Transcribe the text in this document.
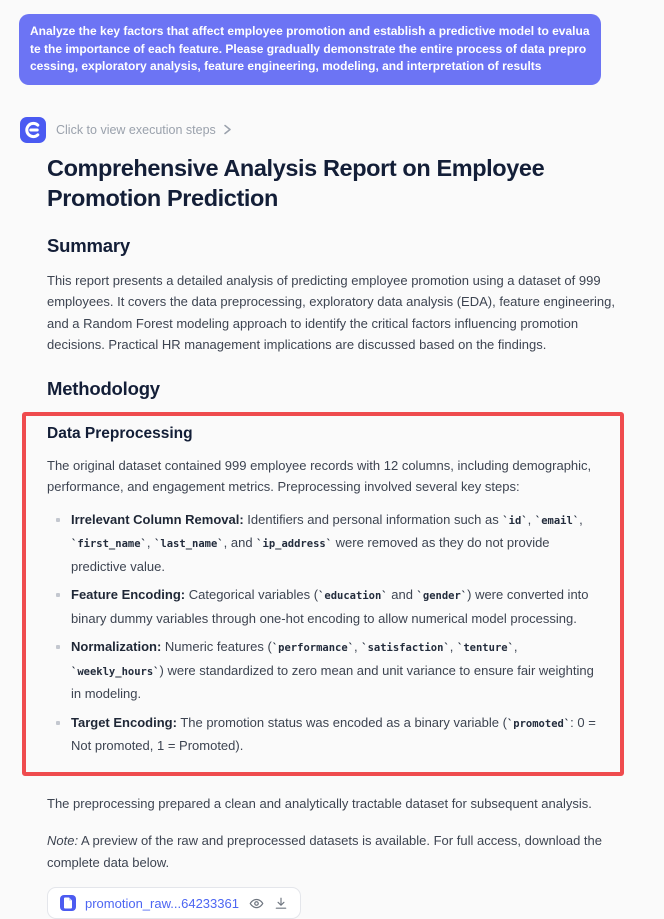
Analyze the key factors that affect employee promotion and establish a predictive model to evaluate the importance of each feature. Please gradually demonstrate the entire process of data preprocessing, exploratory analysis, feature engineering, modeling, and interpretation of results
Click to view execution steps
Comprehensive Analysis Report on Employee Promotion Prediction
Summary

This report presents a detailed analysis of predicting employee promotion using a dataset of 999 employees. It covers the data preprocessing, exploratory data analysis (EDA), feature engineering, and a Random Forest modeling approach to identify the critical factors influencing promotion decisions. Practical HR management implications are discussed based on the findings.

Methodology
Data Preprocessing

The original dataset contained 999 employee records with 12 columns, including demographic, performance, and engagement metrics. Preprocessing involved several key steps:

Irrelevant Column Removal: Identifiers and personal information such as `id`, `email`, `first_name`, `last_name`, and `ip_address` were removed as they do not provide predictive value.
Feature Encoding: Categorical variables (`education` and `gender`) were converted into binary dummy variables through one-hot encoding to allow numerical model processing.
Normalization: Numeric features (`performance`, `satisfaction`, `tenture`, `weekly_hours`) were standardized to zero mean and unit variance to ensure fair weighting in modeling.
Target Encoding: The promotion status was encoded as a binary variable (`promoted`: 0 = Not promoted, 1 = Promoted).

The preprocessing prepared a clean and analytically tractable dataset for subsequent analysis.

Note: A preview of the raw and preprocessed datasets is available. For full access, download the complete data below.

promotion_raw...64233361
